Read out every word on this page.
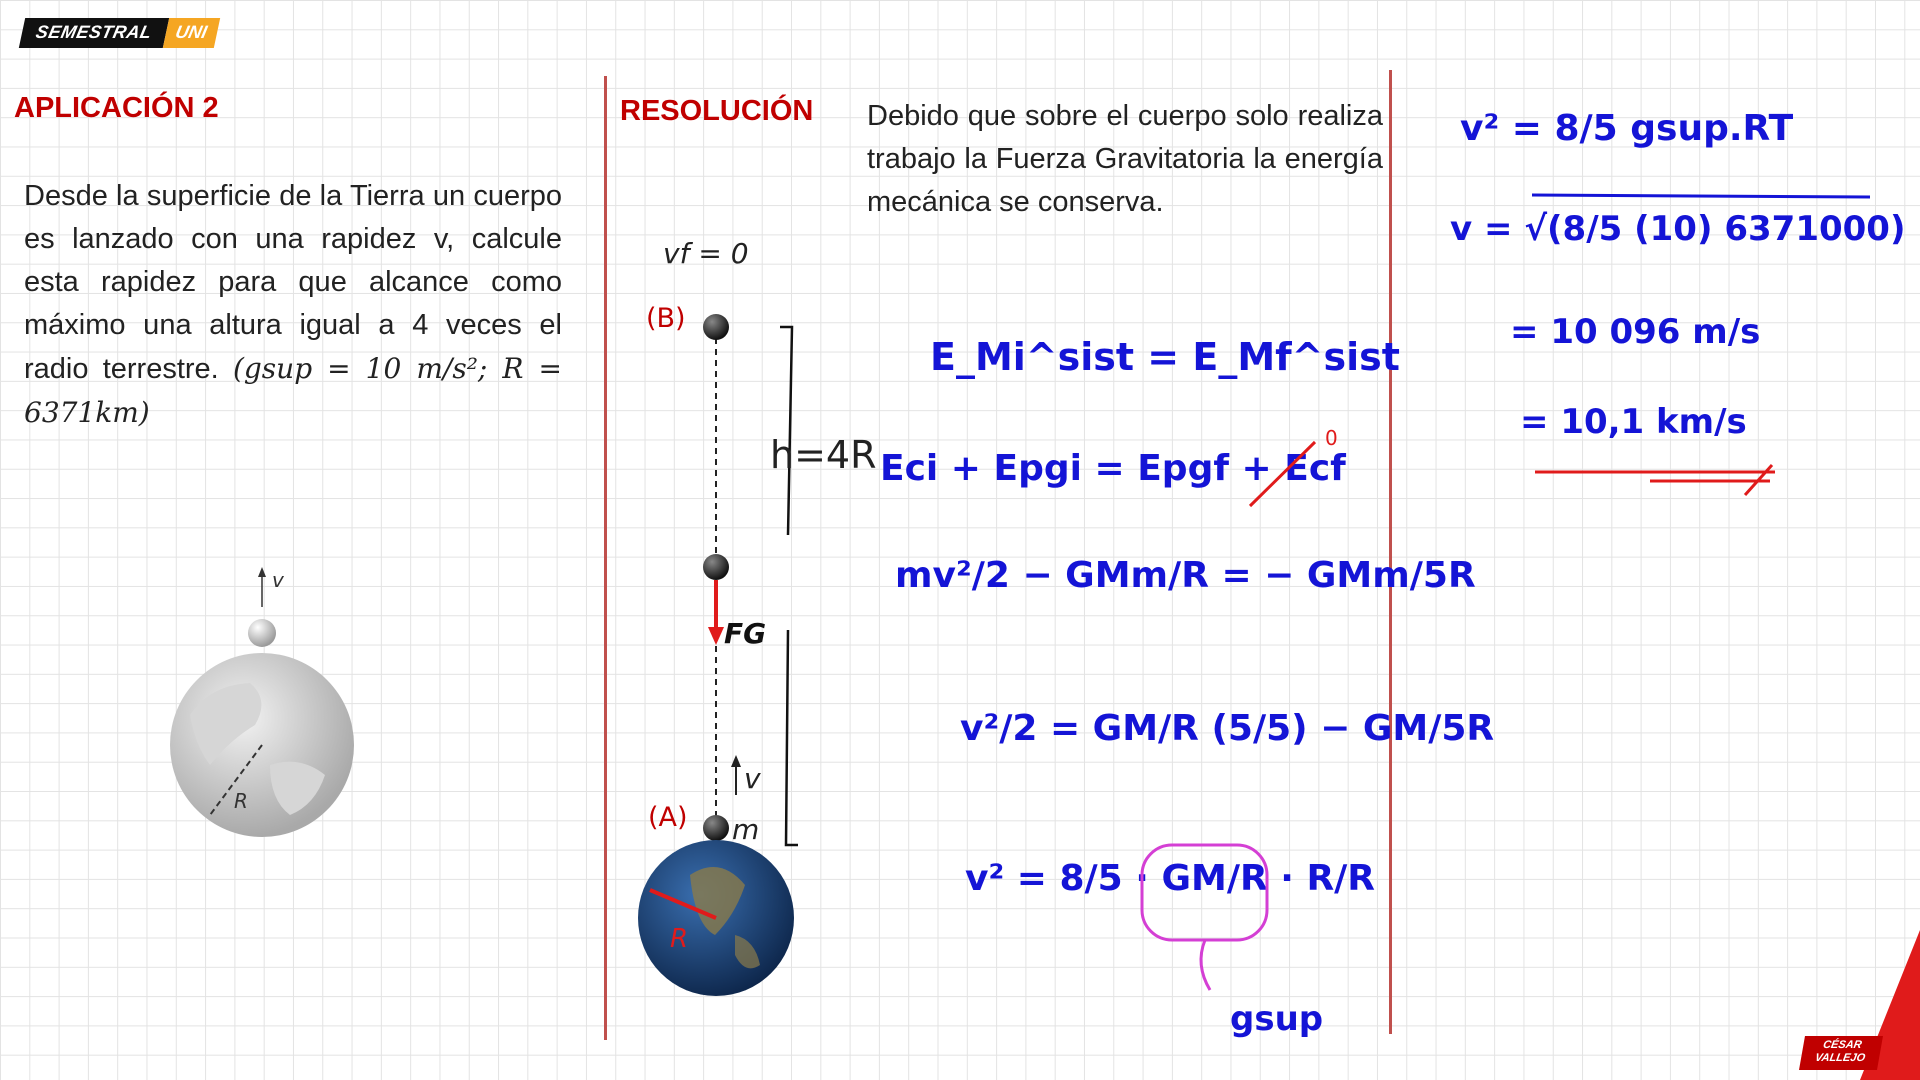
SEMESTRAL	UNI
APLICACIÓN 2
Desde la superficie de la Tierra un cuerpo es lanzado con una rapidez v, calcule esta rapidez para que alcance como máximo una altura igual a 4 veces el radio terrestre. (gsup = 10 m/s²; R = 6371km)
R
v
RESOLUCIÓN Debido que sobre el cuerpo solo realiza trabajo la Fuerza Gravitatoria la energía mecánica se conserva.
vf = 0
(B)
(A)
FG
v
m
R
h=4R
E_Mi^sist = E_Mf^sist
Eci + Epgi = Epgf + Ecf
0
mv²/2 − GMm/R = − GMm/5R
v²/2 = GM/R (5/5) − GM/5R
v² = 8/5 · GM/R · R/R
gsup
v² = 8/5 gsup.RT
v = √(8/5 (10) 6371000)
= 10 096 m/s
= 10,1 km/s
CÉSAR
VALLEJO
